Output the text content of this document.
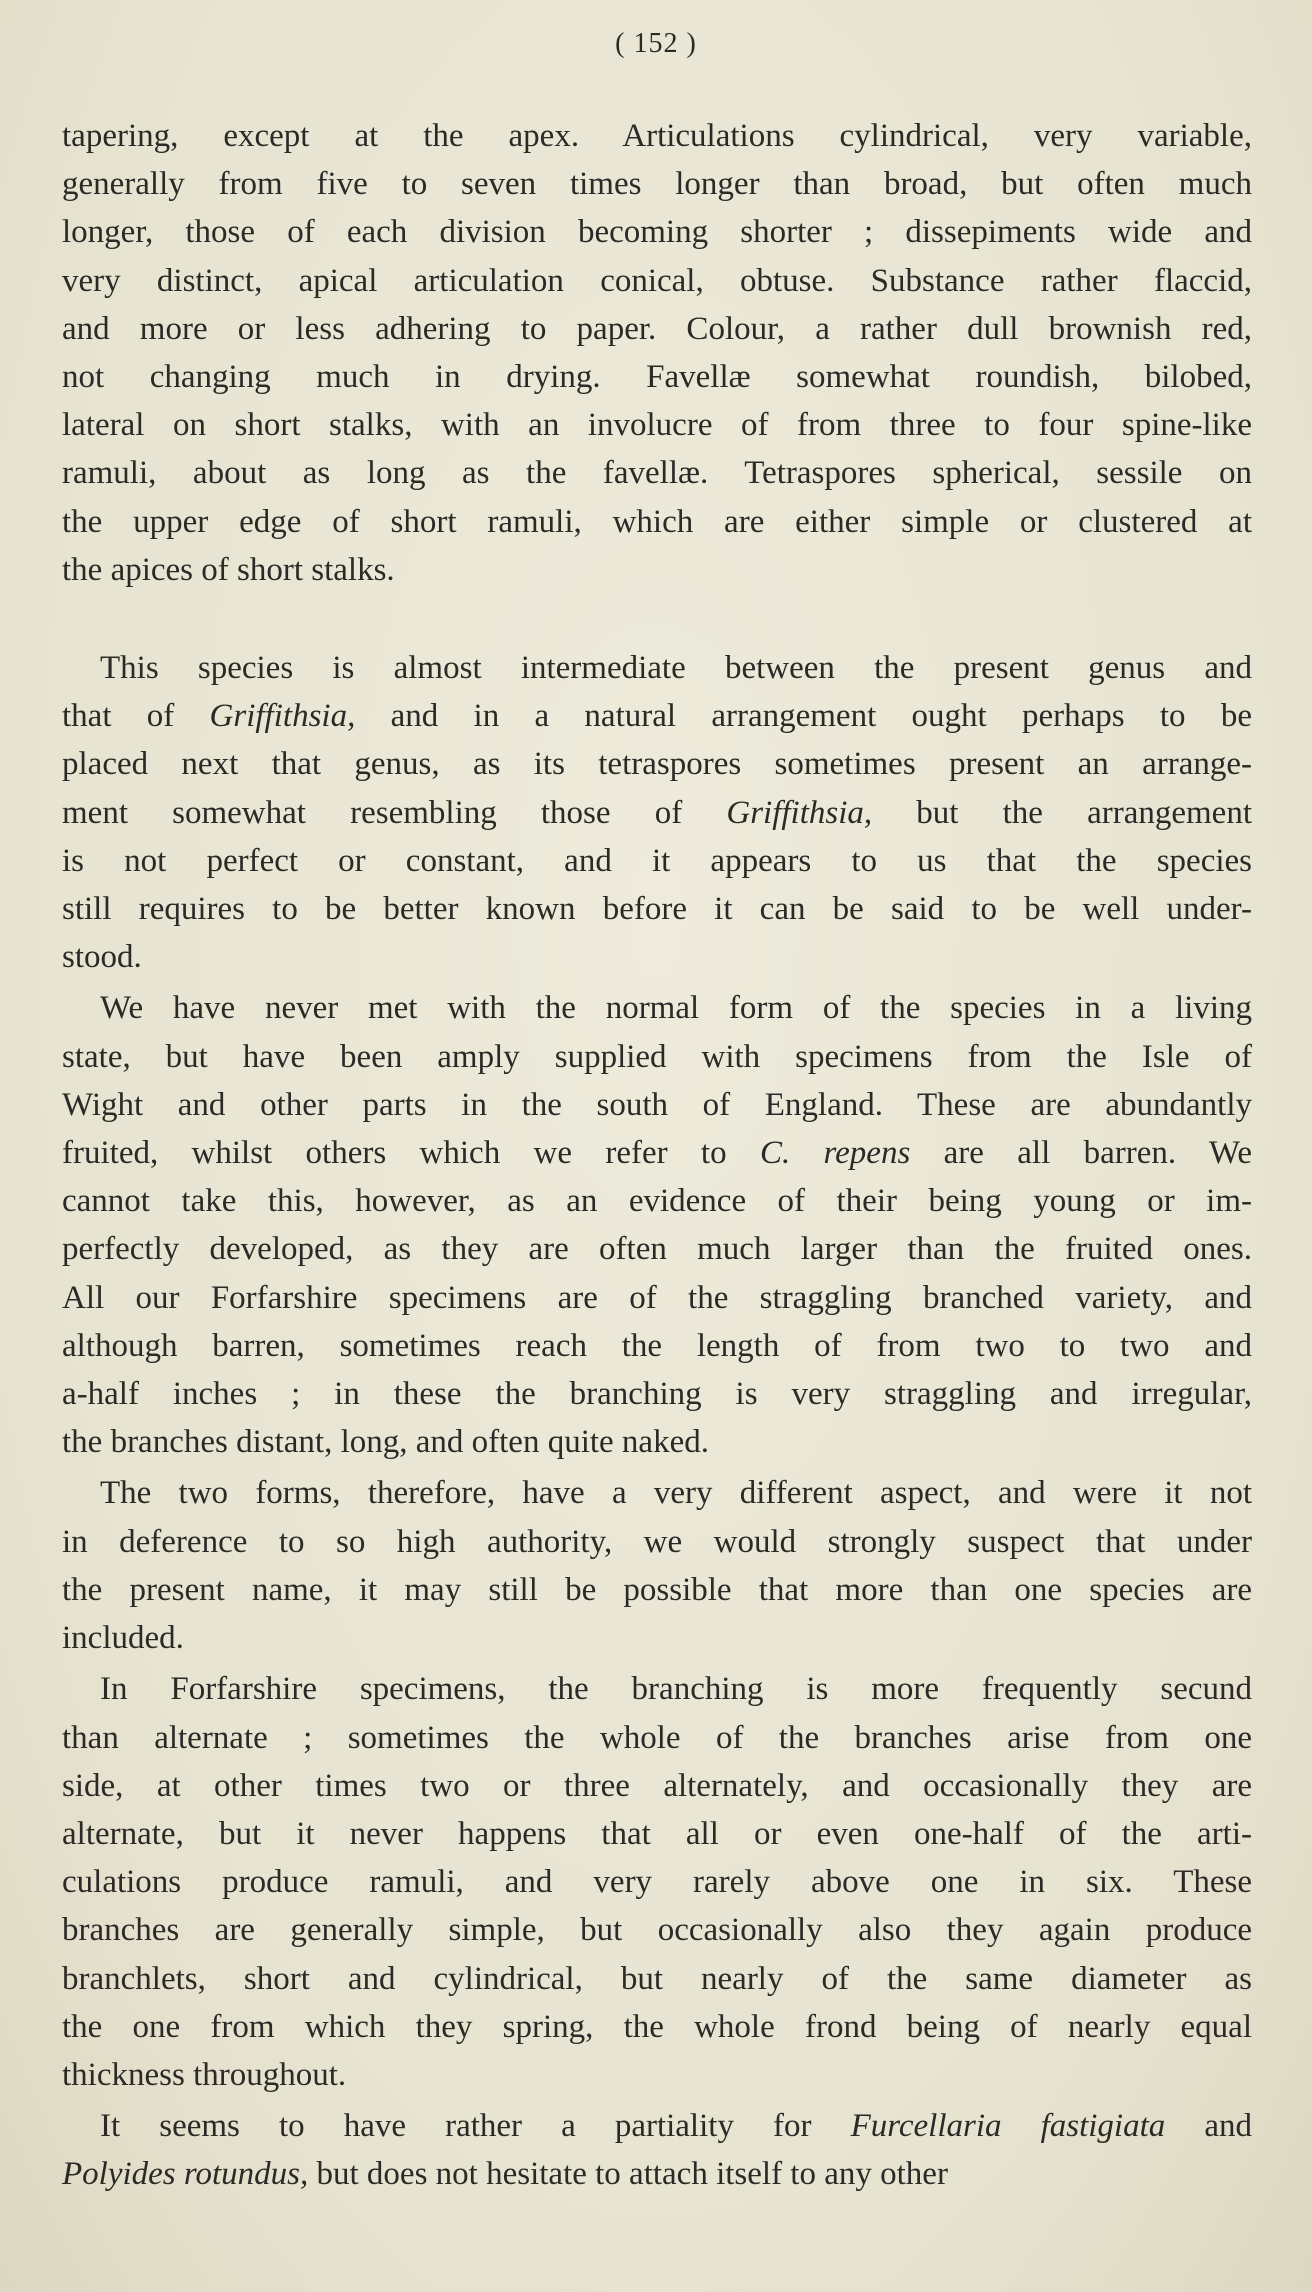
( 152 )

tapering, except at the apex. Articulations cylindrical, very variable,
generally from five to seven times longer than broad, but often much
longer, those of each division becoming shorter ; dissepiments wide and
very distinct, apical articulation conical, obtuse. Substance rather flaccid,
and more or less adhering to paper. Colour, a rather dull brownish red,
not changing much in drying. Favellæ somewhat roundish, bilobed,
lateral on short stalks, with an involucre of from three to four spine-like
ramuli, about as long as the favellæ. Tetraspores spherical, sessile on
the upper edge of short ramuli, which are either simple or clustered at
the apices of short stalks.

This species is almost intermediate between the present genus and
that of Griffithsia, and in a natural arrangement ought perhaps to be
placed next that genus, as its tetraspores sometimes present an arrange-
ment somewhat resembling those of Griffithsia, but the arrangement
is not perfect or constant, and it appears to us that the species
still requires to be better known before it can be said to be well under-
stood.

We have never met with the normal form of the species in a living
state, but have been amply supplied with specimens from the Isle of
Wight and other parts in the south of England. These are abundantly
fruited, whilst others which we refer to C. repens are all barren. We
cannot take this, however, as an evidence of their being young or im-
perfectly developed, as they are often much larger than the fruited ones.
All our Forfarshire specimens are of the straggling branched variety, and
although barren, sometimes reach the length of from two to two and
a-half inches ; in these the branching is very straggling and irregular,
the branches distant, long, and often quite naked.

The two forms, therefore, have a very different aspect, and were it not
in deference to so high authority, we would strongly suspect that under
the present name, it may still be possible that more than one species are
included.

In Forfarshire specimens, the branching is more frequently secund
than alternate ; sometimes the whole of the branches arise from one
side, at other times two or three alternately, and occasionally they are
alternate, but it never happens that all or even one-half of the arti-
culations produce ramuli, and very rarely above one in six. These
branches are generally simple, but occasionally also they again produce
branchlets, short and cylindrical, but nearly of the same diameter as
the one from which they spring, the whole frond being of nearly equal
thickness throughout.

It seems to have rather a partiality for Furcellaria fastigiata and
Polyides rotundus, but does not hesitate to attach itself to any other
